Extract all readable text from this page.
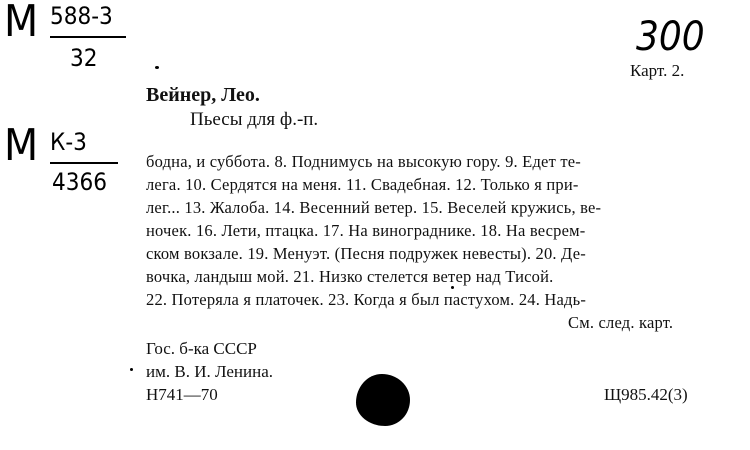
М 588-3
32
М К-3
4366
300
Карт. 2.
Вейнер, Лео.
Пьесы для ф.-п.
бодна, и суббота. 8. Поднимусь на высокую гору. 9. Едет те-
лега. 10. Сердятся на меня. 11. Свадебная. 12. Только я при-
лег... 13. Жалоба. 14. Весенний ветер. 15. Веселей кружись, ве-
ночек. 16. Лети, птацка. 17. На винограднике. 18. На весрем-
ском вокзале. 19. Менуэт. (Песня подружек невесты). 20. Де-
вочка, ландыш мой. 21. Низко стелется ветер над Тисой.
22. Потеряла я платочек. 23. Когда я был пастухом. 24. Надь-
См. след. карт.
Гос. б-ка СССР
им. В. И. Ленина.
Н741—70	Щ985.42(3)
